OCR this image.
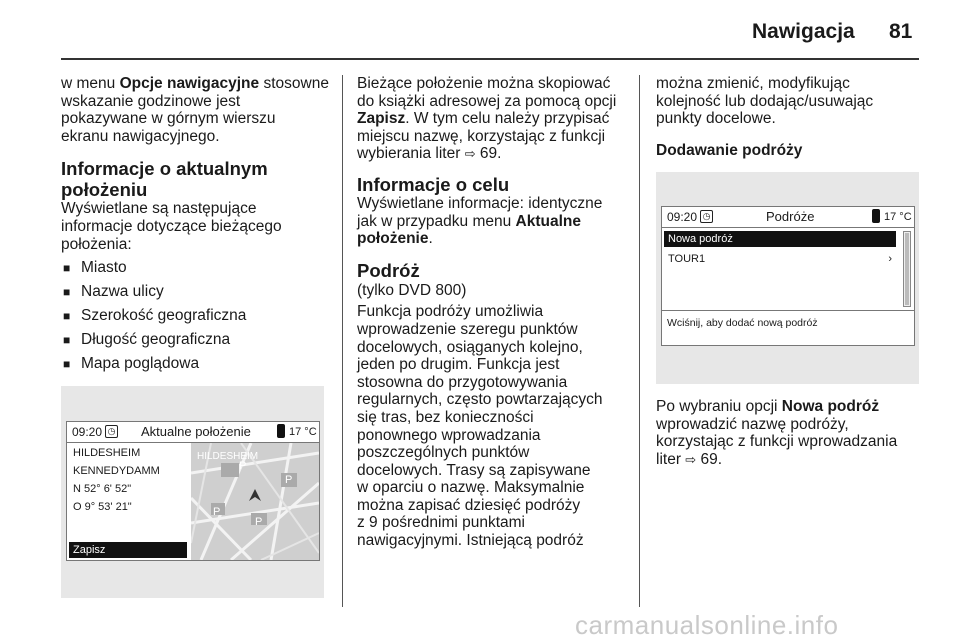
Nawigacja 81

w menu Opcje nawigacyjne stosowne
wskazanie godzinowe jest
pokazywane w górnym wierszu
ekranu nawigacyjnego.

Informacje o aktualnym
położeniu

Wyświetlane są następujące
informacje dotyczące bieżącego
położenia:

■ Miasto
■ Nazwa ulicy
■ Szerokość geograficzna
■ Długość geograficzna
■ Mapa poglądowa
09:20 ◷ Aktualne położenie	17 °C
HILDESHEIM
KENNEDYDAMM
N 52° 6' 52"
O 9° 53' 21"
Zapisz
HILDESHEIM
P
P
P
P

Bieżące położenie można skopiować
do książki adresowej za pomocą opcji
Zapisz. W tym celu należy przypisać
miejscu nazwę, korzystając z funkcji
wybierania liter ⇨ 69.

Informacje o celu

Wyświetlane informacje: identyczne
jak w przypadku menu Aktualne
położenie.

Podróż

(tylko DVD 800)

Funkcja podróży umożliwia
wprowadzenie szeregu punktów
docelowych, osiąganych kolejno,
jeden po drugim. Funkcja jest
stosowna do przygotowywania
regularnych, często powtarzających
się tras, bez konieczności
ponownego wprowadzania
poszczególnych punktów
docelowych. Trasy są zapisywane
w oparciu o nazwę. Maksymalnie
można zapisać dziesięć podróży
z 9 pośrednimi punktami
nawigacyjnymi. Istniejącą podróż

można zmienić, modyfikując
kolejność lub dodając/usuwając
punkty docelowe.

Dodawanie podróży
09:20 ◷	Podróże	17 °C
Nowa podróż
TOUR1	›
Wciśnij, aby dodać nową podróż

Po wybraniu opcji Nowa podróż
wprowadzić nazwę podróży,
korzystając z funkcji wprowadzania
liter ⇨ 69.

carmanualsonline.info
